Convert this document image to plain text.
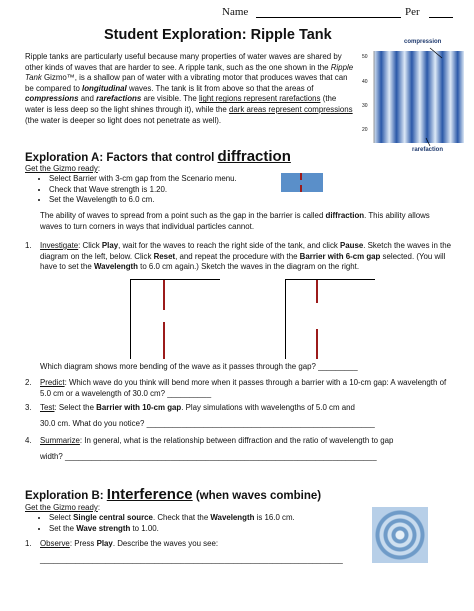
Name	Per
Student Exploration: Ripple Tank
Ripple tanks are particularly useful because many properties of water waves are shared by other kinds of waves that are harder to see. A ripple tank, such as the one shown in the Ripple Tank Gizmo™, is a shallow pan of water with a vibrating motor that produces waves that can be compared to longitudinal waves. The tank is lit from above so that the areas of compressions and rarefactions are visible. The light regions represent rarefactions (the water is less deep so the light shines through it), while the dark areas represent compressions (the water is deeper so light does not penetrate as well).
compression
rarefaction
50
40
30
20
Exploration A: Factors that control diffraction
Get the Gizmo ready:
• Select Barrier with 3-cm gap from the Scenario menu.
• Check that Wave strength is 1.20.
• Set the Wavelength to 6.0 cm.
The ability of waves to spread from a point such as the gap in the barrier is called diffraction. This ability allows waves to turn corners in ways that individual particles cannot.
1. Investigate: Click Play, wait for the waves to reach the right side of the tank, and click Pause. Sketch the waves in the diagram on the left, below. Click Reset, and repeat the procedure with the Barrier with 6-cm gap selected. (You will have to set the Wavelength to 6.0 cm again.) Sketch the waves in the diagram on the right.
Which diagram shows more bending of the wave as it passes through the gap? _________
2. Predict: Which wave do you think will bend more when it passes through a barrier with a 10-cm gap: A wavelength of 5.0 cm or a wavelength of 30.0 cm? __________
3. Test: Select the Barrier with 10-cm gap. Play simulations with wavelengths of 5.0 cm and
30.0 cm. What do you notice? ____________________________________________________
4. Summarize: In general, what is the relationship between diffraction and the ratio of wavelength to gap
width? _______________________________________________________________________
Exploration B: Interference (when waves combine)
Get the Gizmo ready:
• Select Single central source. Check that the Wavelength is 16.0 cm.
• Set the Wave strength to 1.00.
1. Observe: Press Play. Describe the waves you see:
_____________________________________________________________________
